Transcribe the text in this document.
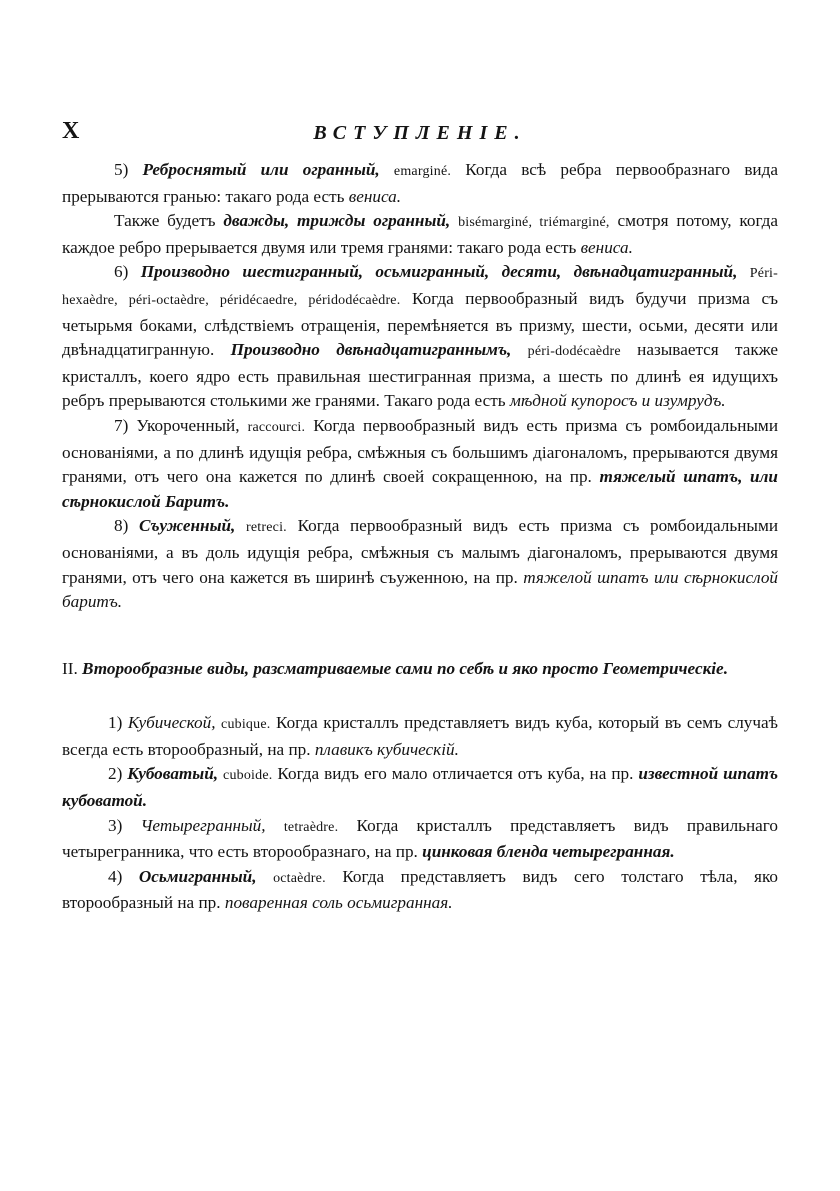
X	ВСТУПЛЕНІЕ.

5) Реброснятый или огранный, emarginé. Когда всѣ ребра первообразнаго вида прерываются гранью: такаго рода есть вениса.

Также будетъ дважды, трижды огранный, bisémarginé, triémarginé, смотря потому, когда каждое ребро прерывается двумя или тремя гранями: такаго рода есть вениса.

6) Производно шестигранный, осьмигранный, десяти, двѣнадцатигранный, Péri-hexaèdre, péri-octaèdre, péridécaedre, péridodécaèdre. Когда первообразный видъ будучи призма съ четырьмя боками, слѣдствіемъ отращенія, перемѣняется въ призму, шести, осьми, десяти или двѣнадцатигранную. Производно двѣнадцатиграннымъ, péri-dodécaèdre называется также кристаллъ, коего ядро есть правильная шестигранная призма, а шесть по длинѣ ея идущихъ ребръ прерываются столькими же гранями. Такаго рода есть мѣдной купоросъ и изумрудъ.

7) Укороченный, raccourci. Когда первообразный видъ есть призма съ ромбоидальными основаніями, а по длинѣ идущія ребра, смѣжныя съ большимъ діагоналомъ, прерываются двумя гранями, отъ чего она кажется по длинѣ своей сокращенною, на пр. тяжелый шпатъ, или сѣрнокислой Баритъ.

8) Съуженный, retreci. Когда первообразный видъ есть призма съ ромбоидальными основаніями, а въ доль идущія ребра, смѣжныя съ малымъ діагоналомъ, прерываются двумя гранями, отъ чего она кажется въ ширинѣ съуженною, на пр. тяжелой шпатъ или сѣрнокислой баритъ.

II. Второобразные виды, разсматриваемые сами по себѣ и яко просто Геометрическіе.

1) Кубической, cubique. Когда кристаллъ представляетъ видъ куба, который въ семъ случаѣ всегда есть второобразный, на пр. плавикъ кубическій.

2) Кубоватый, cuboide. Когда видъ его мало отличается отъ куба, на пр. известной шпатъ кубоватой.

3) Четырегранный, tetraèdre. Когда кристаллъ представляетъ видъ правильнаго четырегранника, что есть второобразнаго, на пр. цинковая бленда четырегранная.

4) Осьмигранный, octaèdre. Когда представляетъ видъ сего толстаго тѣла, яко второобразный на пр. поваренная соль осьмигранная.
